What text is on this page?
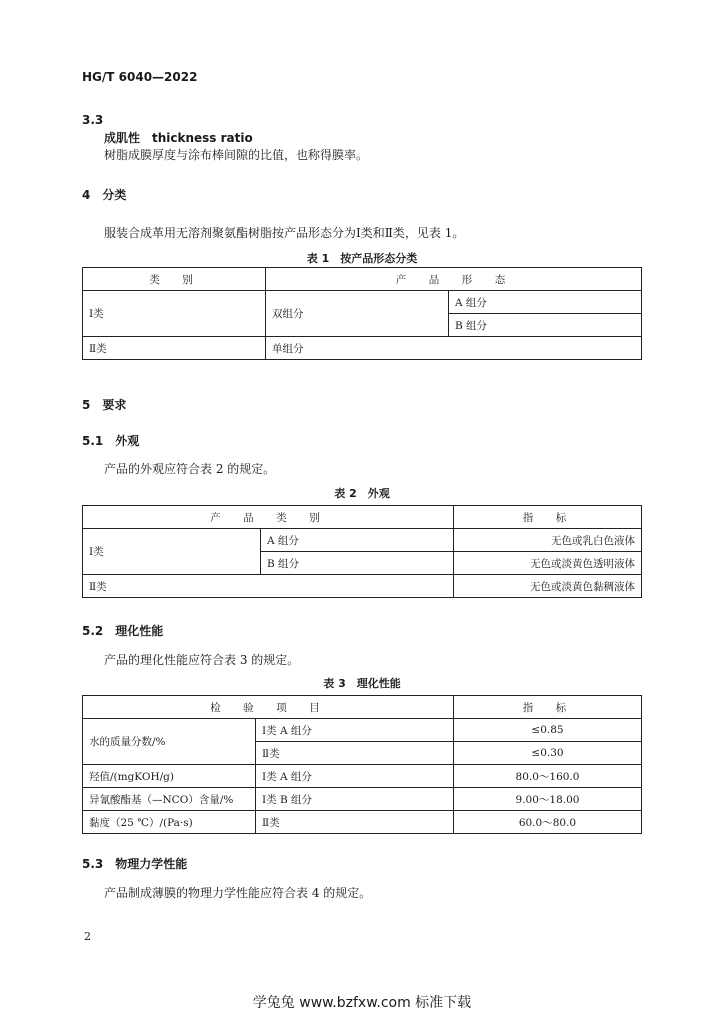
HG/T 6040—2022
3.3
成肌性　thickness ratio
树脂成膜厚度与涂布棒间隙的比值，也称得膜率。
4　分类
服装合成革用无溶剂聚氨酯树脂按产品形态分为Ⅰ类和Ⅱ类，见表 1。
表 1　按产品形态分类
类　别	产　品　形　态	
Ⅰ类	双组分	A 组分
		B 组分
Ⅱ类	单组分	
5　要求
5.1　外观
产品的外观应符合表 2 的规定。
表 2　外观
产　品　类　别		指　标
Ⅰ类	A 组分	无色或乳白色液体
	B 组分	无色或淡黄色透明液体
Ⅱ类		无色或淡黄色黏稠液体
5.2　理化性能
产品的理化性能应符合表 3 的规定。
表 3　理化性能
检　验　项　目		指　标
水的质量分数/%	Ⅰ类 A 组分	≤0.85
	Ⅱ类	≤0.30
羟值/(mgKOH/g)	Ⅰ类 A 组分	80.0～160.0
异氰酸酯基（—NCO）含量/%	Ⅰ类 B 组分	9.00～18.00
黏度（25 ℃）/(Pa·s)	Ⅱ类	60.0～80.0
5.3　物理力学性能
产品制成薄膜的物理力学性能应符合表 4 的规定。
2
学兔兔 www.bzfxw.com 标准下载
